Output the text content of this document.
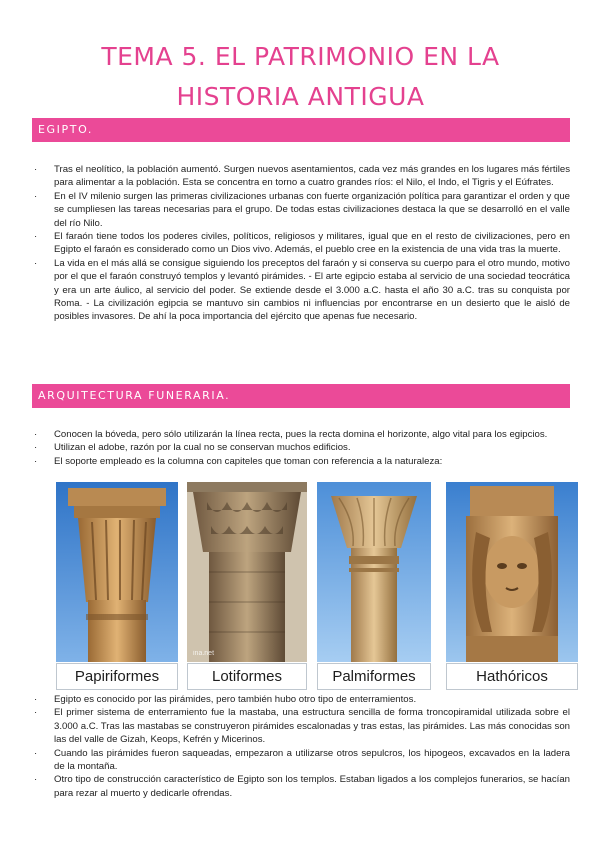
TEMA 5. EL PATRIMONIO EN LA
HISTORIA ANTIGUA
EGIPTO.
· Tras el neolítico, la población aumentó. Surgen nuevos asentamientos, cada vez más grandes en los lugares más fértiles para alimentar a la población. Esta se concentra en torno a cuatro grandes ríos: el Nilo, el Indo, el Tigris y el Eúfrates.
· En el IV milenio surgen las primeras civilizaciones urbanas con fuerte organización política para garantizar el orden y que se cumpliesen las tareas necesarias para el grupo. De todas estas civilizaciones destaca la que se desarrolló en el valle del río Nilo.
· El faraón tiene todos los poderes civiles, políticos, religiosos y militares, igual que en el resto de civilizaciones, pero en Egipto el faraón es considerado como un Dios vivo. Además, el pueblo cree en la existencia de una vida tras la muerte.
· La vida en el más allá se consigue siguiendo los preceptos del faraón y si conserva su cuerpo para el otro mundo, motivo por el que el faraón construyó templos y levantó pirámides. - El arte egipcio estaba al servicio de una sociedad teocrática y era un arte áulico, al servicio del poder. Se extiende desde el 3.000 a.C. hasta el año 30 a.C. tras su conquista por Roma. - La civilización egipcia se mantuvo sin cambios ni influencias por encontrarse en un desierto que le aisló de posibles invasores. De ahí la poca importancia del ejército que apenas fue necesario.
ARQUITECTURA FUNERARIA.
· Conocen la bóveda, pero sólo utilizarán la línea recta, pues la recta domina el horizonte, algo vital para los egipcios.
· Utilizan el adobe, razón por la cual no se conservan muchos edificios.
· El soporte empleado es la columna con capiteles que toman con referencia a la naturaleza:
Papiriformes	Lotiformes
ina.net
Palmiformes	Hathóricos
· Egipto es conocido por las pirámides, pero también hubo otro tipo de enterramientos.
· El primer sistema de enterramiento fue la mastaba, una estructura sencilla de forma troncopiramidal utilizada sobre el 3.000 a.C. Tras las mastabas se construyeron pirámides escalonadas y tras estas, las pirámides. Las más conocidas son las del valle de Gizah, Keops, Kefrén y Micerinos.
· Cuando las pirámides fueron saqueadas, empezaron a utilizarse otros sepulcros, los hipogeos, excavados en la ladera de la montaña.
· Otro tipo de construcción característico de Egipto son los templos. Estaban ligados a los complejos funerarios, se hacían para rezar al muerto y dedicarle ofrendas.
